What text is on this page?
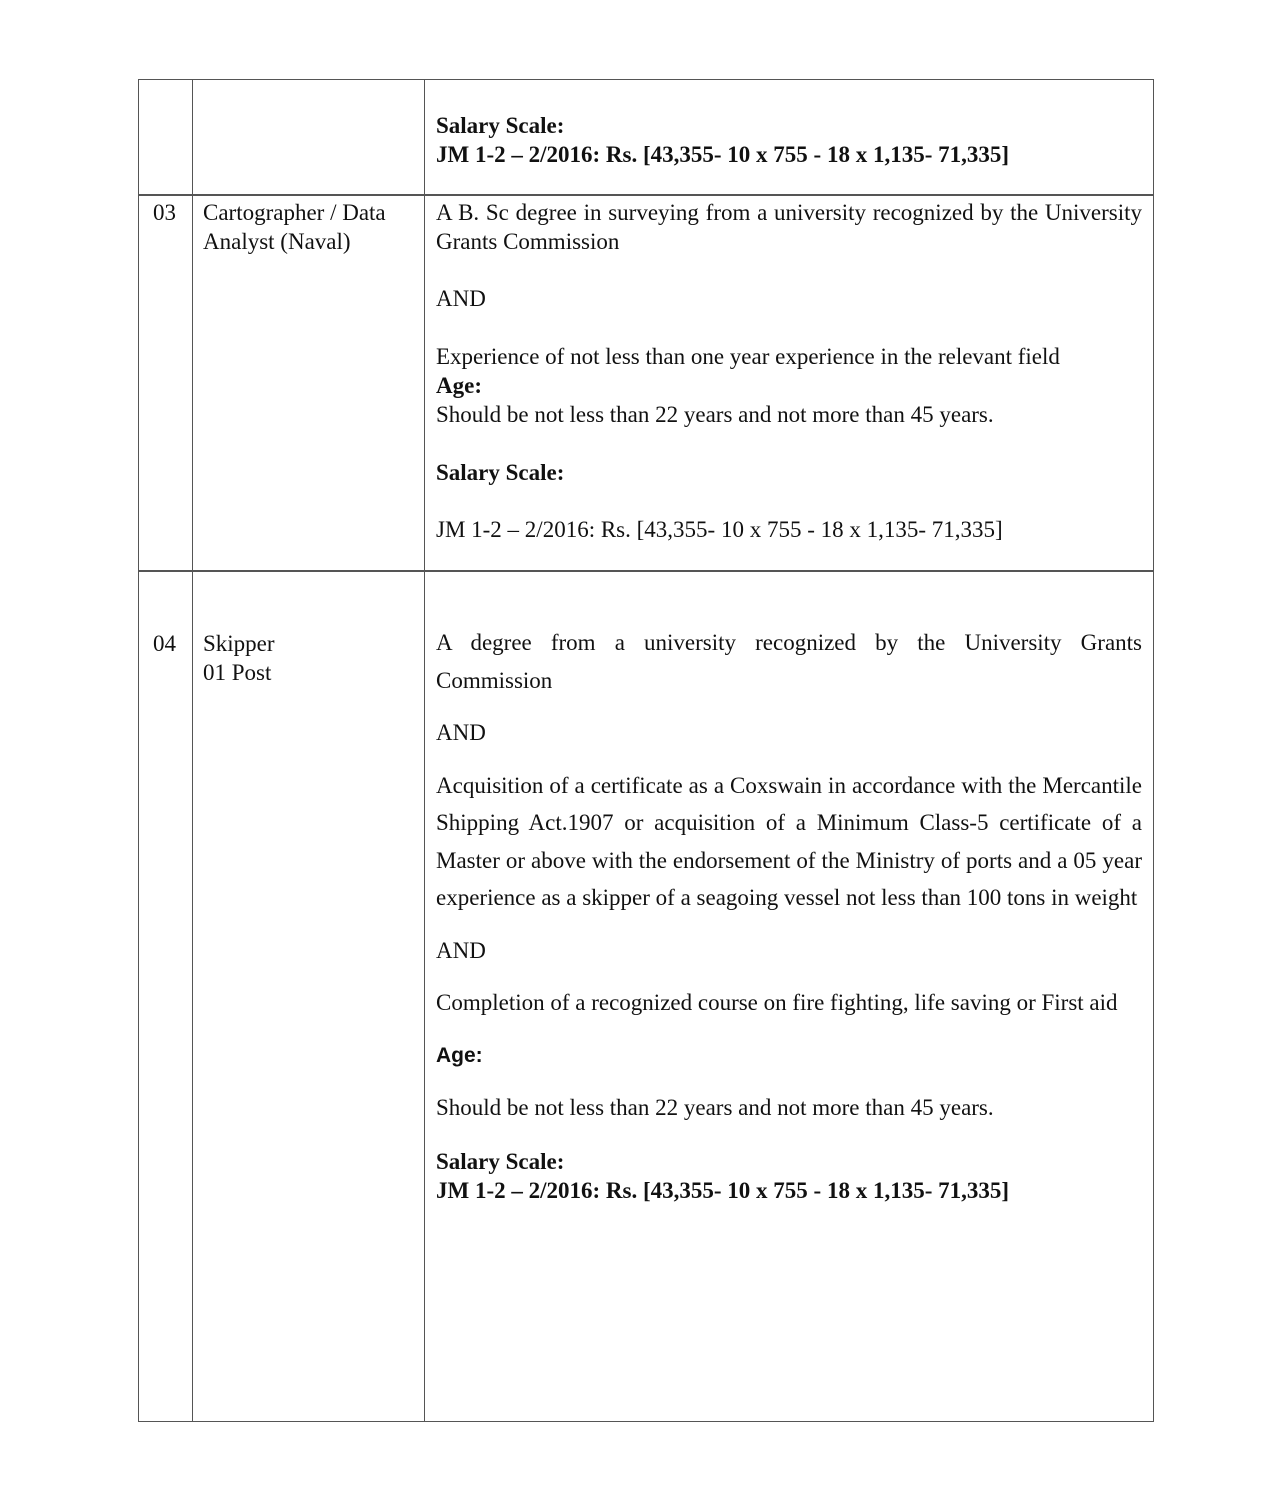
Salary Scale:
JM 1-2 – 2/2016: Rs. [43,355- 10 x 755 - 18 x 1,135- 71,335]
03 Cartographer / Data Analyst (Naval)

A B. Sc degree in surveying from a university recognized by the University Grants Commission

AND

Experience of not less than one year experience in the relevant field

Age:

Should be not less than 22 years and not more than 45 years.

Salary Scale:

JM 1-2 – 2/2016: Rs. [43,355- 10 x 755 - 18 x 1,135- 71,335]

04 Skipper
01 Post

A degree from a university recognized by the University Grants Commission

AND

Acquisition of a certificate as a Coxswain in accordance with the Mercantile Shipping Act.1907 or acquisition of a Minimum Class-5 certificate of a Master or above with the endorsement of the Ministry of ports and a 05 year experience as a skipper of a seagoing vessel not less than 100 tons in weight

AND

Completion of a recognized course on fire fighting, life saving or First aid

Age:

Should be not less than 22 years and not more than 45 years.

Salary Scale:
JM 1-2 – 2/2016: Rs. [43,355- 10 x 755 - 18 x 1,135- 71,335]
